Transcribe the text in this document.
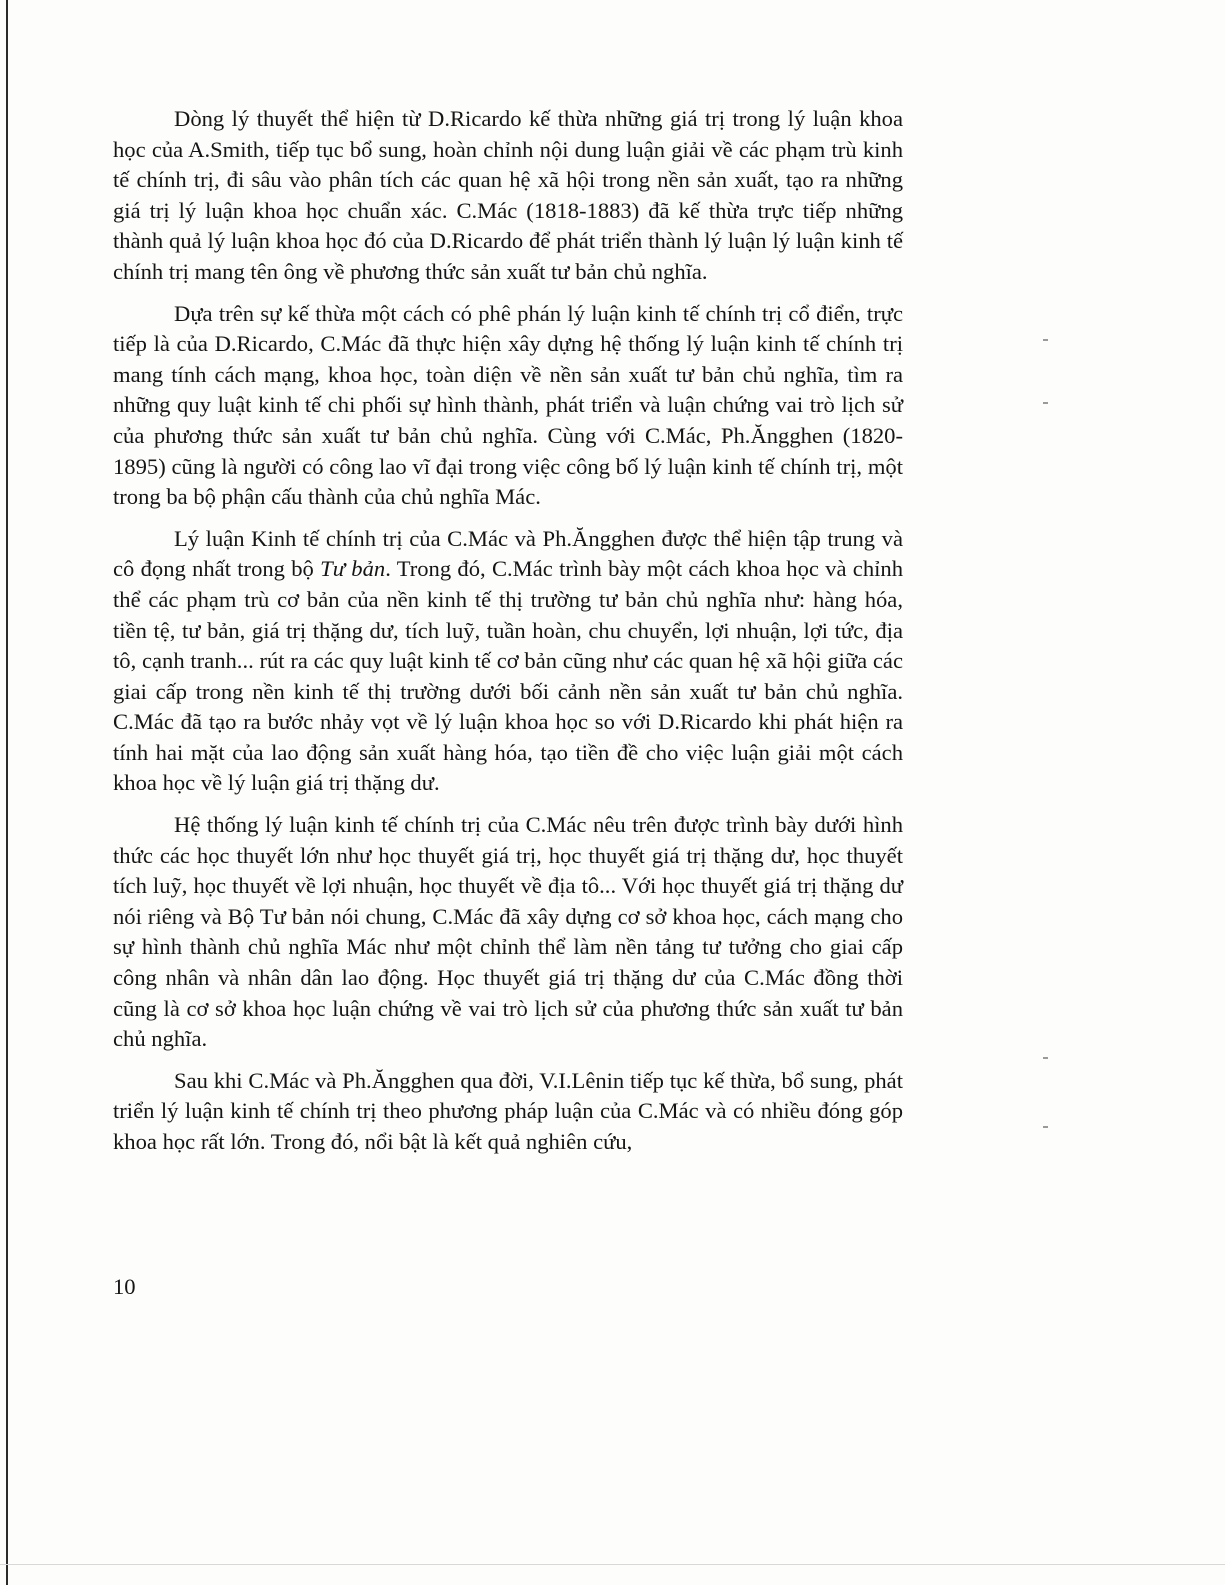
Dòng lý thuyết thể hiện từ D.Ricardo kế thừa những giá trị trong lý luận khoa học của A.Smith, tiếp tục bổ sung, hoàn chỉnh nội dung luận giải về các phạm trù kinh tế chính trị, đi sâu vào phân tích các quan hệ xã hội trong nền sản xuất, tạo ra những giá trị lý luận khoa học chuẩn xác. C.Mác (1818-1883) đã kế thừa trực tiếp những thành quả lý luận khoa học đó của D.Ricardo để phát triển thành lý luận lý luận kinh tế chính trị mang tên ông về phương thức sản xuất tư bản chủ nghĩa.

Dựa trên sự kế thừa một cách có phê phán lý luận kinh tế chính trị cổ điển, trực tiếp là của D.Ricardo, C.Mác đã thực hiện xây dựng hệ thống lý luận kinh tế chính trị mang tính cách mạng, khoa học, toàn diện về nền sản xuất tư bản chủ nghĩa, tìm ra những quy luật kinh tế chi phối sự hình thành, phát triển và luận chứng vai trò lịch sử của phương thức sản xuất tư bản chủ nghĩa. Cùng với C.Mác, Ph.Ăngghen (1820-1895) cũng là người có công lao vĩ đại trong việc công bố lý luận kinh tế chính trị, một trong ba bộ phận cấu thành của chủ nghĩa Mác.

Lý luận Kinh tế chính trị của C.Mác và Ph.Ăngghen được thể hiện tập trung và cô đọng nhất trong bộ Tư bản. Trong đó, C.Mác trình bày một cách khoa học và chỉnh thể các phạm trù cơ bản của nền kinh tế thị trường tư bản chủ nghĩa như: hàng hóa, tiền tệ, tư bản, giá trị thặng dư, tích luỹ, tuần hoàn, chu chuyển, lợi nhuận, lợi tức, địa tô, cạnh tranh... rút ra các quy luật kinh tế cơ bản cũng như các quan hệ xã hội giữa các giai cấp trong nền kinh tế thị trường dưới bối cảnh nền sản xuất tư bản chủ nghĩa. C.Mác đã tạo ra bước nhảy vọt về lý luận khoa học so với D.Ricardo khi phát hiện ra tính hai mặt của lao động sản xuất hàng hóa, tạo tiền đề cho việc luận giải một cách khoa học về lý luận giá trị thặng dư.

Hệ thống lý luận kinh tế chính trị của C.Mác nêu trên được trình bày dưới hình thức các học thuyết lớn như học thuyết giá trị, học thuyết giá trị thặng dư, học thuyết tích luỹ, học thuyết về lợi nhuận, học thuyết về địa tô... Với học thuyết giá trị thặng dư nói riêng và Bộ Tư bản nói chung, C.Mác đã xây dựng cơ sở khoa học, cách mạng cho sự hình thành chủ nghĩa Mác như một chỉnh thể làm nền tảng tư tưởng cho giai cấp công nhân và nhân dân lao động. Học thuyết giá trị thặng dư của C.Mác đồng thời cũng là cơ sở khoa học luận chứng về vai trò lịch sử của phương thức sản xuất tư bản chủ nghĩa.

Sau khi C.Mác và Ph.Ăngghen qua đời, V.I.Lênin tiếp tục kế thừa, bổ sung, phát triển lý luận kinh tế chính trị theo phương pháp luận của C.Mác và có nhiều đóng góp khoa học rất lớn. Trong đó, nổi bật là kết quả nghiên cứu,

10
